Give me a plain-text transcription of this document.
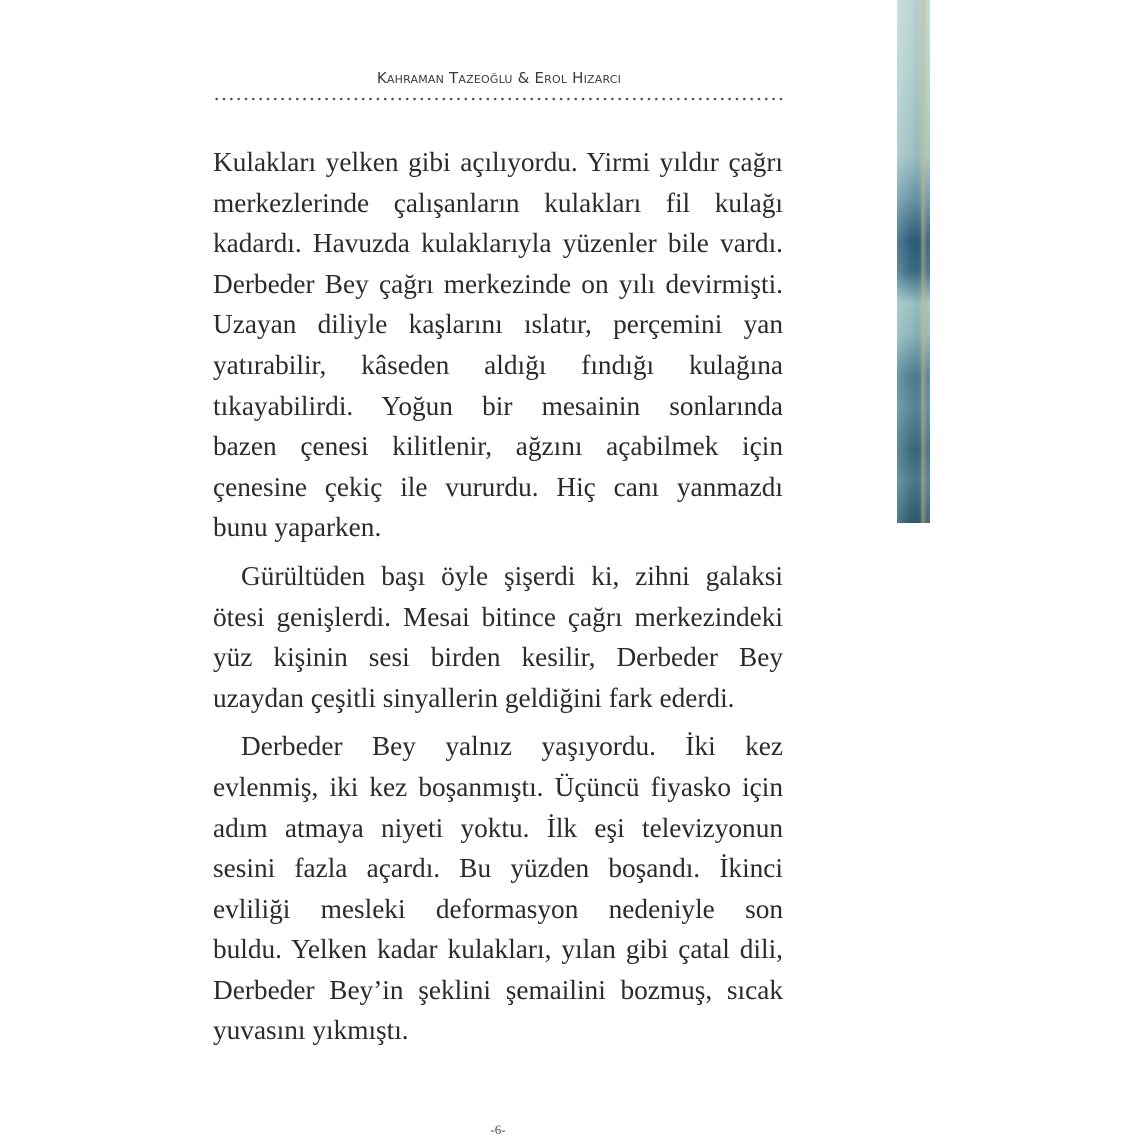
Kahraman Tazeoğlu & Erol Hızarcı
Kulakları yelken gibi açılıyordu. Yirmi yıldır çağrı
merkezlerinde çalışanların kulakları fil kulağı
kadardı. Havuzda kulaklarıyla yüzenler bile vardı.
Derbeder Bey çağrı merkezinde on yılı devirmişti.
Uzayan diliyle kaşlarını ıslatır, perçemini yan
yatırabilir, kâseden aldığı fındığı kulağına
tıkayabilirdi. Yoğun bir mesainin sonlarında
bazen çenesi kilitlenir, ağzını açabilmek için
çenesine çekiç ile vururdu. Hiç canı yanmazdı
bunu yaparken.
Gürültüden başı öyle şişerdi ki, zihni galaksi
ötesi genişlerdi. Mesai bitince çağrı merkezindeki
yüz kişinin sesi birden kesilir, Derbeder Bey
uzaydan çeşitli sinyallerin geldiğini fark ederdi.
Derbeder Bey yalnız yaşıyordu. İki kez
evlenmiş, iki kez boşanmıştı. Üçüncü fiyasko için
adım atmaya niyeti yoktu. İlk eşi televizyonun
sesini fazla açardı. Bu yüzden boşandı. İkinci
evliliği mesleki deformasyon nedeniyle son
buldu. Yelken kadar kulakları, yılan gibi çatal dili,
Derbeder Bey’in şeklini şemailini bozmuş, sıcak
yuvasını yıkmıştı.
-6-
